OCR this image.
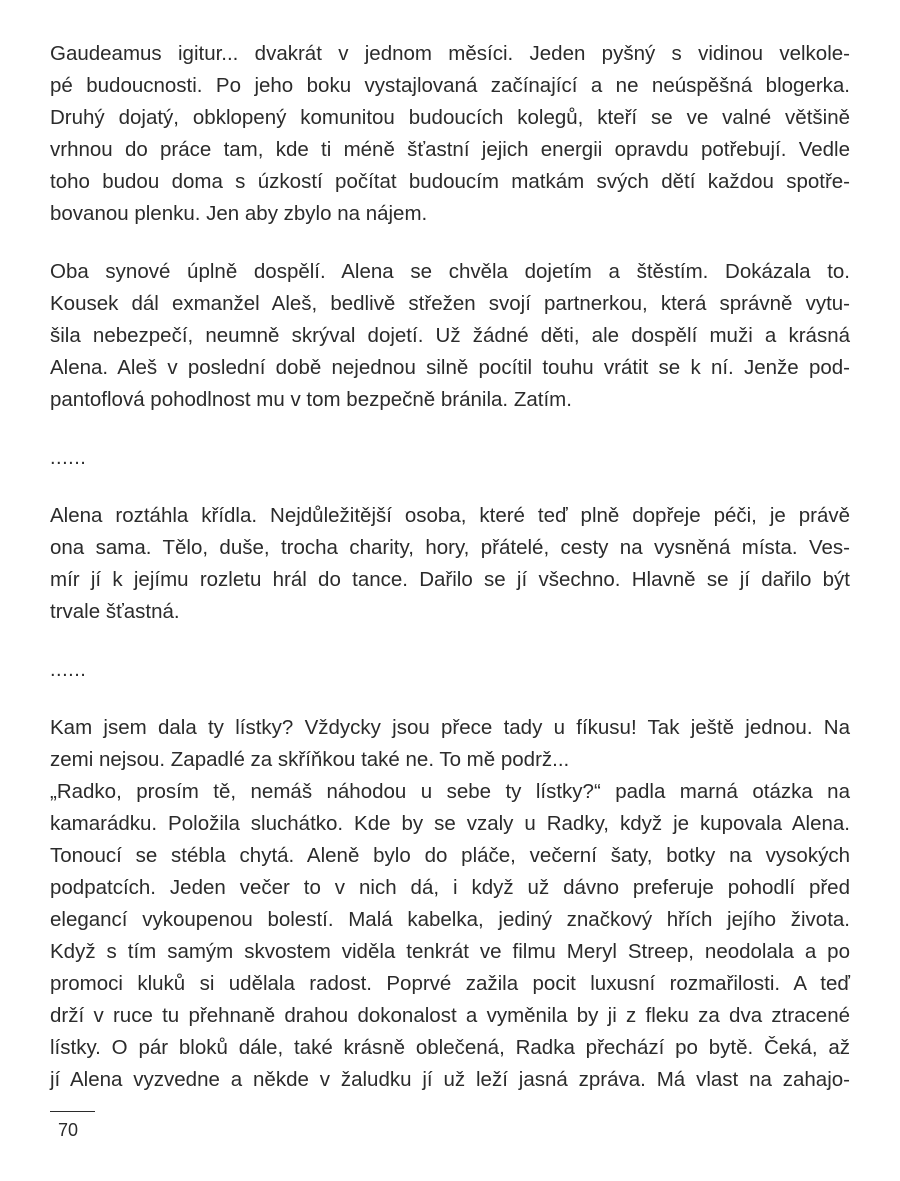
Gaudeamus igitur... dvakrát v jednom měsíci. Jeden pyšný s vidinou velkole-
pé budoucnosti. Po jeho boku vystajlovaná začínající a ne neúspěšná blogerka.
Druhý dojatý, obklopený komunitou budoucích kolegů, kteří se ve valné většině
vrhnou do práce tam, kde ti méně šťastní jejich energii opravdu potřebují. Vedle
toho budou doma s úzkostí počítat budoucím matkám svých dětí každou spotře-
bovanou plenku. Jen aby zbylo na nájem.
Oba synové úplně dospělí. Alena se chvěla dojetím a štěstím. Dokázala to.
Kousek dál exmanžel Aleš, bedlivě střežen svojí partnerkou, která správně vytu-
šila nebezpečí, neumně skrýval dojetí. Už žádné děti, ale dospělí muži a krásná
Alena. Aleš v poslední době nejednou silně pocítil touhu vrátit se k ní. Jenže pod-
pantoflová pohodlnost mu v tom bezpečně bránila. Zatím.

......

Alena roztáhla křídla. Nejdůležitější osoba, které teď plně dopřeje péči, je právě
ona sama. Tělo, duše, trocha charity, hory, přátelé, cesty na vysněná místa. Ves-
mír jí k jejímu rozletu hrál do tance. Dařilo se jí všechno. Hlavně se jí dařilo být
trvale šťastná.

......

Kam jsem dala ty lístky? Vždycky jsou přece tady u fíkusu! Tak ještě jednou. Na
zemi nejsou. Zapadlé za skříňkou také ne. To mě podrž...
„Radko, prosím tě, nemáš náhodou u sebe ty lístky?“ padla marná otázka na
kamarádku. Položila sluchátko. Kde by se vzaly u Radky, když je kupovala Alena.
Tonoucí se stébla chytá. Aleně bylo do pláče, večerní šaty, botky na vysokých
podpatcích. Jeden večer to v nich dá, i když už dávno preferuje pohodlí před
elegancí vykoupenou bolestí. Malá kabelka, jediný značkový hřích jejího života.
Když s tím samým skvostem viděla tenkrát ve filmu Meryl Streep, neodolala a po
promoci kluků si udělala radost. Poprvé zažila pocit luxusní rozmařilosti. A teď
drží v ruce tu přehnaně drahou dokonalost a vyměnila by ji z fleku za dva ztracené
lístky. O pár bloků dále, také krásně oblečená, Radka přechází po bytě. Čeká, až
jí Alena vyzvedne a někde v žaludku jí už leží jasná zpráva. Má vlast na zahajo-
70
